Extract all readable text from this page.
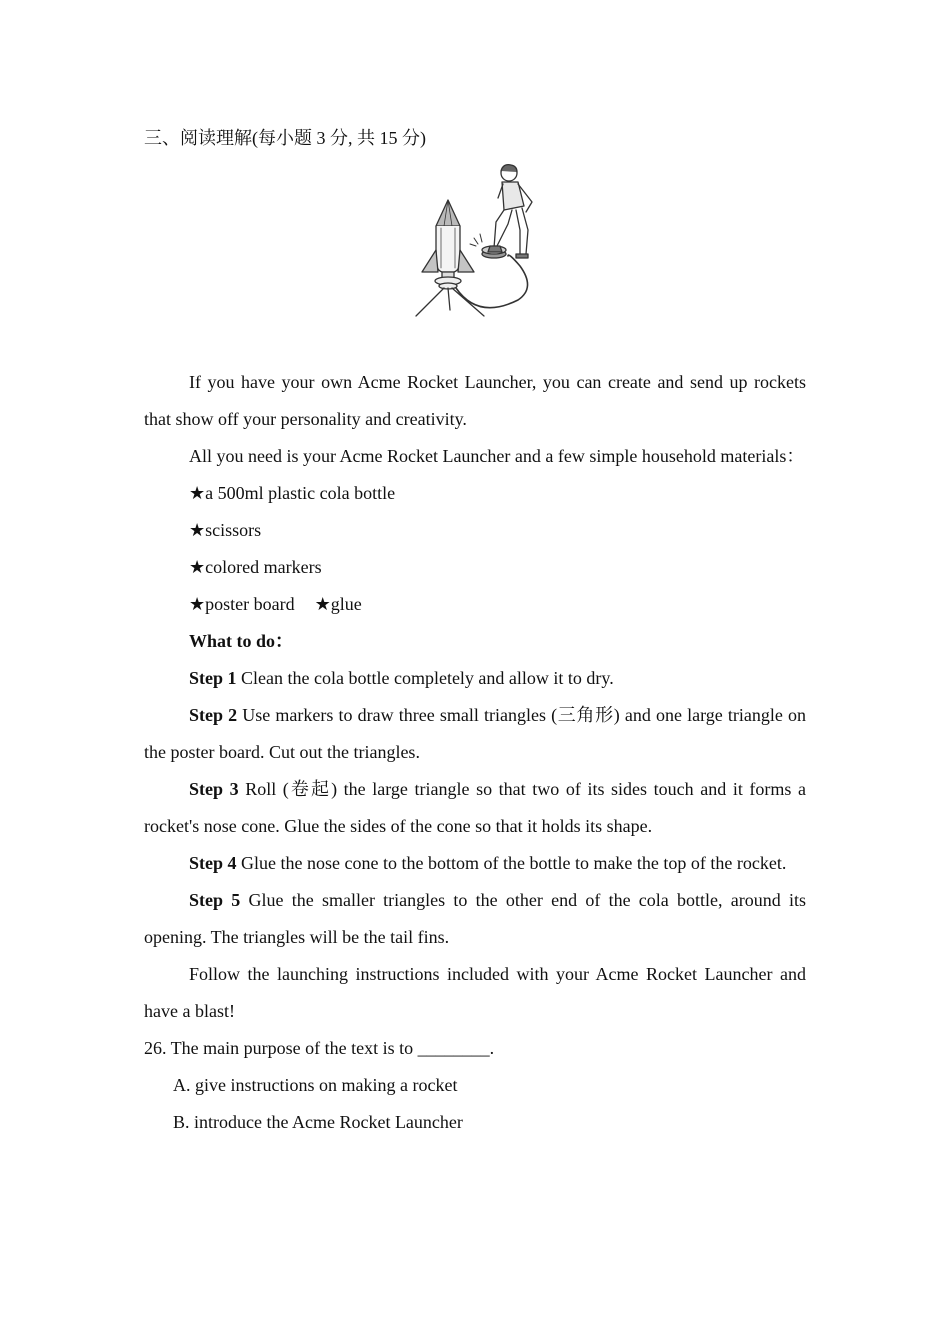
三、阅读理解(每小题 3 分, 共 15 分)

If you have your own Acme Rocket Launcher, you can create and send up rockets that show off your personality and creativity.

All you need is your Acme Rocket Launcher and a few simple household materials：

★a 500ml plastic cola bottle

★scissors

★colored markers

★poster board ★glue

What to do：

Step 1 Clean the cola bottle completely and allow it to dry.

Step 2 Use markers to draw three small triangles (三角形) and one large triangle on the poster board. Cut out the triangles.

Step 3 Roll (卷起) the large triangle so that two of its sides touch and it forms a rocket's nose cone. Glue the sides of the cone so that it holds its shape.

Step 4 Glue the nose cone to the bottom of the bottle to make the top of the rocket.

Step 5 Glue the smaller triangles to the other end of the cola bottle, around its opening. The triangles will be the tail fins.

Follow the launching instructions included with your Acme Rocket Launcher and have a blast!

26. The main purpose of the text is to ________.

A. give instructions on making a rocket

B. introduce the Acme Rocket Launcher
